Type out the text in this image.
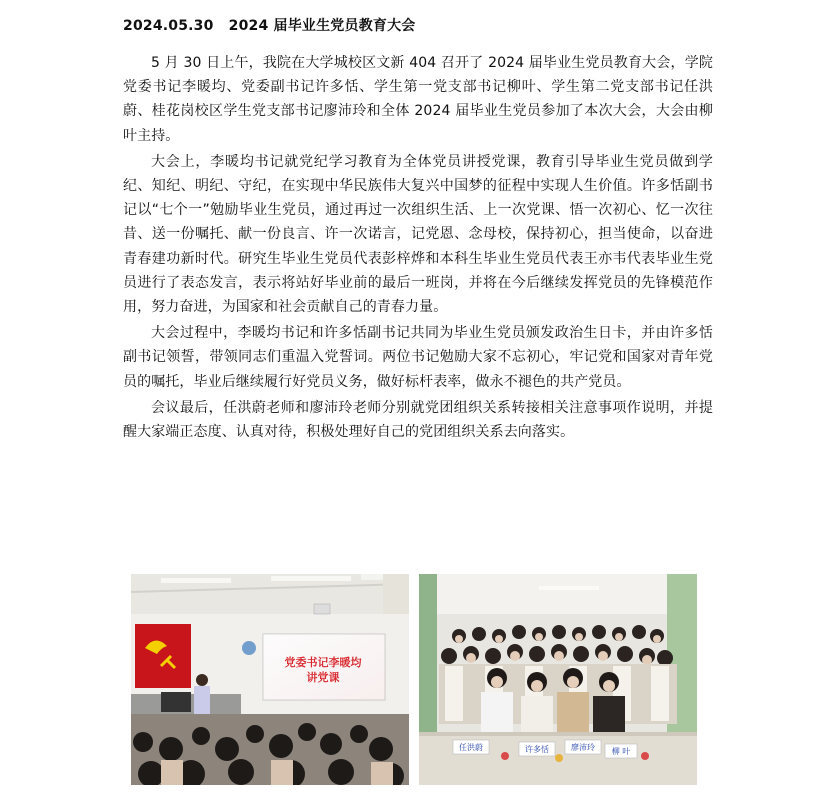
2024.05.30 2024 届毕业生党员教育大会

5 月 30 日上午，我院在大学城校区文新 404 召开了 2024 届毕业生党员教育大会，学院党委书记李暖均、党委副书记许多恬、学生第一党支部书记柳叶、学生第二党支部书记任洪蔚、桂花岗校区学生党支部书记廖沛玲和全体 2024 届毕业生党员参加了本次大会，大会由柳叶主持。

大会上，李暖均书记就党纪学习教育为全体党员讲授党课，教育引导毕业生党员做到学纪、知纪、明纪、守纪，在实现中华民族伟大复兴中国梦的征程中实现人生价值。许多恬副书记以“七个一”勉励毕业生党员，通过再过一次组织生活、上一次党课、悟一次初心、忆一次往昔、送一份嘱托、献一份良言、许一次诺言，记党恩、念母校，保持初心，担当使命，以奋进青春建功新时代。研究生毕业生党员代表彭梓烨和本科生毕业生党员代表王亦韦代表毕业生党员进行了表态发言，表示将站好毕业前的最后一班岗，并将在今后继续发挥党员的先锋模范作用，努力奋进，为国家和社会贡献自己的青春力量。

大会过程中，李暖均书记和许多恬副书记共同为毕业生党员颁发政治生日卡，并由许多恬副书记领誓，带领同志们重温入党誓词。两位书记勉励大家不忘初心，牢记党和国家对青年党员的嘱托，毕业后继续履行好党员义务，做好标杆表率，做永不褪色的共产党员。

会议最后，任洪蔚老师和廖沛玲老师分别就党团组织关系转接相关注意事项作说明，并提醒大家端正态度、认真对待，积极处理好自己的党团组织关系去向落实。

党委书记李暖均
讲党课
任洪蔚	许多恬	廖沛玲 柳 叶
